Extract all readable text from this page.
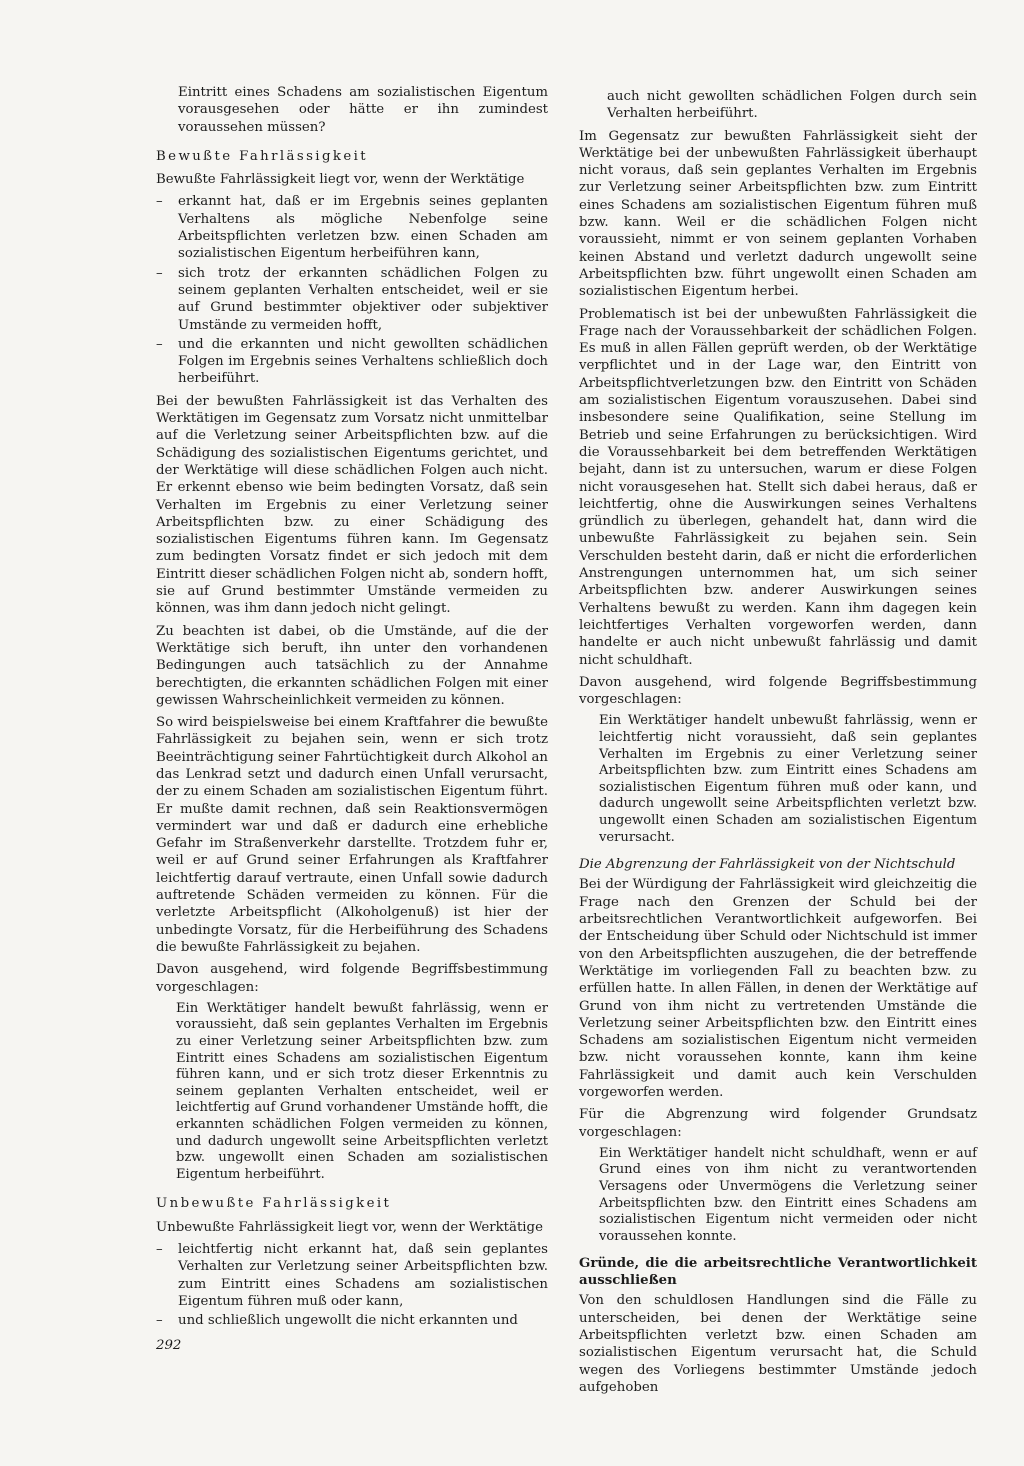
Eintritt eines Schadens am sozialistischen Eigentum vorausgesehen oder hätte er ihn zumindest voraussehen müssen?

Bewußte Fahrlässigkeit

Bewußte Fahrlässigkeit liegt vor, wenn der Werktätige

– erkannt hat, daß er im Ergebnis seines geplanten Verhaltens als mögliche Nebenfolge seine Arbeitspflichten verletzen bzw. einen Schaden am sozialistischen Eigentum herbeiführen kann,
– sich trotz der erkannten schädlichen Folgen zu seinem geplanten Verhalten entscheidet, weil er sie auf Grund bestimmter objektiver oder subjektiver Umstände zu vermeiden hofft,
– und die erkannten und nicht gewollten schädlichen Folgen im Ergebnis seines Verhaltens schließlich doch herbeiführt.

Bei der bewußten Fahrlässigkeit ist das Verhalten des Werktätigen im Gegensatz zum Vorsatz nicht unmittelbar auf die Verletzung seiner Arbeitspflichten bzw. auf die Schädigung des sozialistischen Eigentums gerichtet, und der Werktätige will diese schädlichen Folgen auch nicht. Er erkennt ebenso wie beim bedingten Vorsatz, daß sein Verhalten im Ergebnis zu einer Verletzung seiner Arbeitspflichten bzw. zu einer Schädigung des sozialistischen Eigentums führen kann. Im Gegensatz zum bedingten Vorsatz findet er sich jedoch mit dem Eintritt dieser schädlichen Folgen nicht ab, sondern hofft, sie auf Grund bestimmter Umstände vermeiden zu können, was ihm dann jedoch nicht gelingt.

Zu beachten ist dabei, ob die Umstände, auf die der Werktätige sich beruft, ihn unter den vorhandenen Bedingungen auch tatsächlich zu der Annahme berechtigten, die erkannten schädlichen Folgen mit einer gewissen Wahrscheinlichkeit vermeiden zu können.

So wird beispielsweise bei einem Kraftfahrer die bewußte Fahrlässigkeit zu bejahen sein, wenn er sich trotz Beeinträchtigung seiner Fahrtüchtigkeit durch Alkohol an das Lenkrad setzt und dadurch einen Unfall verursacht, der zu einem Schaden am sozialistischen Eigentum führt. Er mußte damit rechnen, daß sein Reaktionsvermögen vermindert war und daß er dadurch eine erhebliche Gefahr im Straßenverkehr darstellte. Trotzdem fuhr er, weil er auf Grund seiner Erfahrungen als Kraftfahrer leichtfertig darauf vertraute, einen Unfall sowie dadurch auftretende Schäden vermeiden zu können. Für die verletzte Arbeitspflicht (Alkoholgenuß) ist hier der unbedingte Vorsatz, für die Herbeiführung des Schadens die bewußte Fahrlässigkeit zu bejahen.

Davon ausgehend, wird folgende Begriffsbestimmung vorgeschlagen:

Ein Werktätiger handelt bewußt fahrlässig, wenn er voraussieht, daß sein geplantes Verhalten im Ergebnis zu einer Verletzung seiner Arbeitspflichten bzw. zum Eintritt eines Schadens am sozialistischen Eigentum führen kann, und er sich trotz dieser Erkenntnis zu seinem geplanten Verhalten entscheidet, weil er leichtfertig auf Grund vorhandener Umstände hofft, die erkannten schädlichen Folgen vermeiden zu können, und dadurch ungewollt seine Arbeitspflichten verletzt bzw. ungewollt einen Schaden am sozialistischen Eigentum herbeiführt.

Unbewußte Fahrlässigkeit

Unbewußte Fahrlässigkeit liegt vor, wenn der Werktätige

– leichtfertig nicht erkannt hat, daß sein geplantes Verhalten zur Verletzung seiner Arbeitspflichten bzw. zum Eintritt eines Schadens am sozialistischen Eigentum führen muß oder kann,
– und schließlich ungewollt die nicht erkannten und

auch nicht gewollten schädlichen Folgen durch sein Verhalten herbeiführt.

Im Gegensatz zur bewußten Fahrlässigkeit sieht der Werktätige bei der unbewußten Fahrlässigkeit überhaupt nicht voraus, daß sein geplantes Verhalten im Ergebnis zur Verletzung seiner Arbeitspflichten bzw. zum Eintritt eines Schadens am sozialistischen Eigentum führen muß bzw. kann. Weil er die schädlichen Folgen nicht voraussieht, nimmt er von seinem geplanten Vorhaben keinen Abstand und verletzt dadurch ungewollt seine Arbeitspflichten bzw. führt ungewollt einen Schaden am sozialistischen Eigentum herbei.

Problematisch ist bei der unbewußten Fahrlässigkeit die Frage nach der Voraussehbarkeit der schädlichen Folgen. Es muß in allen Fällen geprüft werden, ob der Werktätige verpflichtet und in der Lage war, den Eintritt von Arbeitspflichtverletzungen bzw. den Eintritt von Schäden am sozialistischen Eigentum vorauszusehen. Dabei sind insbesondere seine Qualifikation, seine Stellung im Betrieb und seine Erfahrungen zu berücksichtigen. Wird die Voraussehbarkeit bei dem betreffenden Werktätigen bejaht, dann ist zu untersuchen, warum er diese Folgen nicht vorausgesehen hat. Stellt sich dabei heraus, daß er leichtfertig, ohne die Auswirkungen seines Verhaltens gründlich zu überlegen, gehandelt hat, dann wird die unbewußte Fahrlässigkeit zu bejahen sein. Sein Verschulden besteht darin, daß er nicht die erforderlichen Anstrengungen unternommen hat, um sich seiner Arbeitspflichten bzw. anderer Auswirkungen seines Verhaltens bewußt zu werden. Kann ihm dagegen kein leichtfertiges Verhalten vorgeworfen werden, dann handelte er auch nicht unbewußt fahrlässig und damit nicht schuldhaft.

Davon ausgehend, wird folgende Begriffsbestimmung vorgeschlagen:

Ein Werktätiger handelt unbewußt fahrlässig, wenn er leichtfertig nicht voraussieht, daß sein geplantes Verhalten im Ergebnis zu einer Verletzung seiner Arbeitspflichten bzw. zum Eintritt eines Schadens am sozialistischen Eigentum führen muß oder kann, und dadurch ungewollt seine Arbeitspflichten verletzt bzw. ungewollt einen Schaden am sozialistischen Eigentum verursacht.

Die Abgrenzung der Fahrlässigkeit von der Nichtschuld

Bei der Würdigung der Fahrlässigkeit wird gleichzeitig die Frage nach den Grenzen der Schuld bei der arbeitsrechtlichen Verantwortlichkeit aufgeworfen. Bei der Entscheidung über Schuld oder Nichtschuld ist immer von den Arbeitspflichten auszugehen, die der betreffende Werktätige im vorliegenden Fall zu beachten bzw. zu erfüllen hatte. In allen Fällen, in denen der Werktätige auf Grund von ihm nicht zu vertretenden Umstände die Verletzung seiner Arbeitspflichten bzw. den Eintritt eines Schadens am sozialistischen Eigentum nicht vermeiden bzw. nicht voraussehen konnte, kann ihm keine Fahrlässigkeit und damit auch kein Verschulden vorgeworfen werden.

Für die Abgrenzung wird folgender Grundsatz vorgeschlagen:

Ein Werktätiger handelt nicht schuldhaft, wenn er auf Grund eines von ihm nicht zu verantwortenden Versagens oder Unvermögens die Verletzung seiner Arbeitspflichten bzw. den Eintritt eines Schadens am sozialistischen Eigentum nicht vermeiden oder nicht voraussehen konnte.

Gründe, die die arbeitsrechtliche Verantwortlichkeit ausschließen

Von den schuldlosen Handlungen sind die Fälle zu unterscheiden, bei denen der Werktätige seine Arbeitspflichten verletzt bzw. einen Schaden am sozialistischen Eigentum verursacht hat, die Schuld wegen des Vorliegens bestimmter Umstände jedoch aufgehoben

292
